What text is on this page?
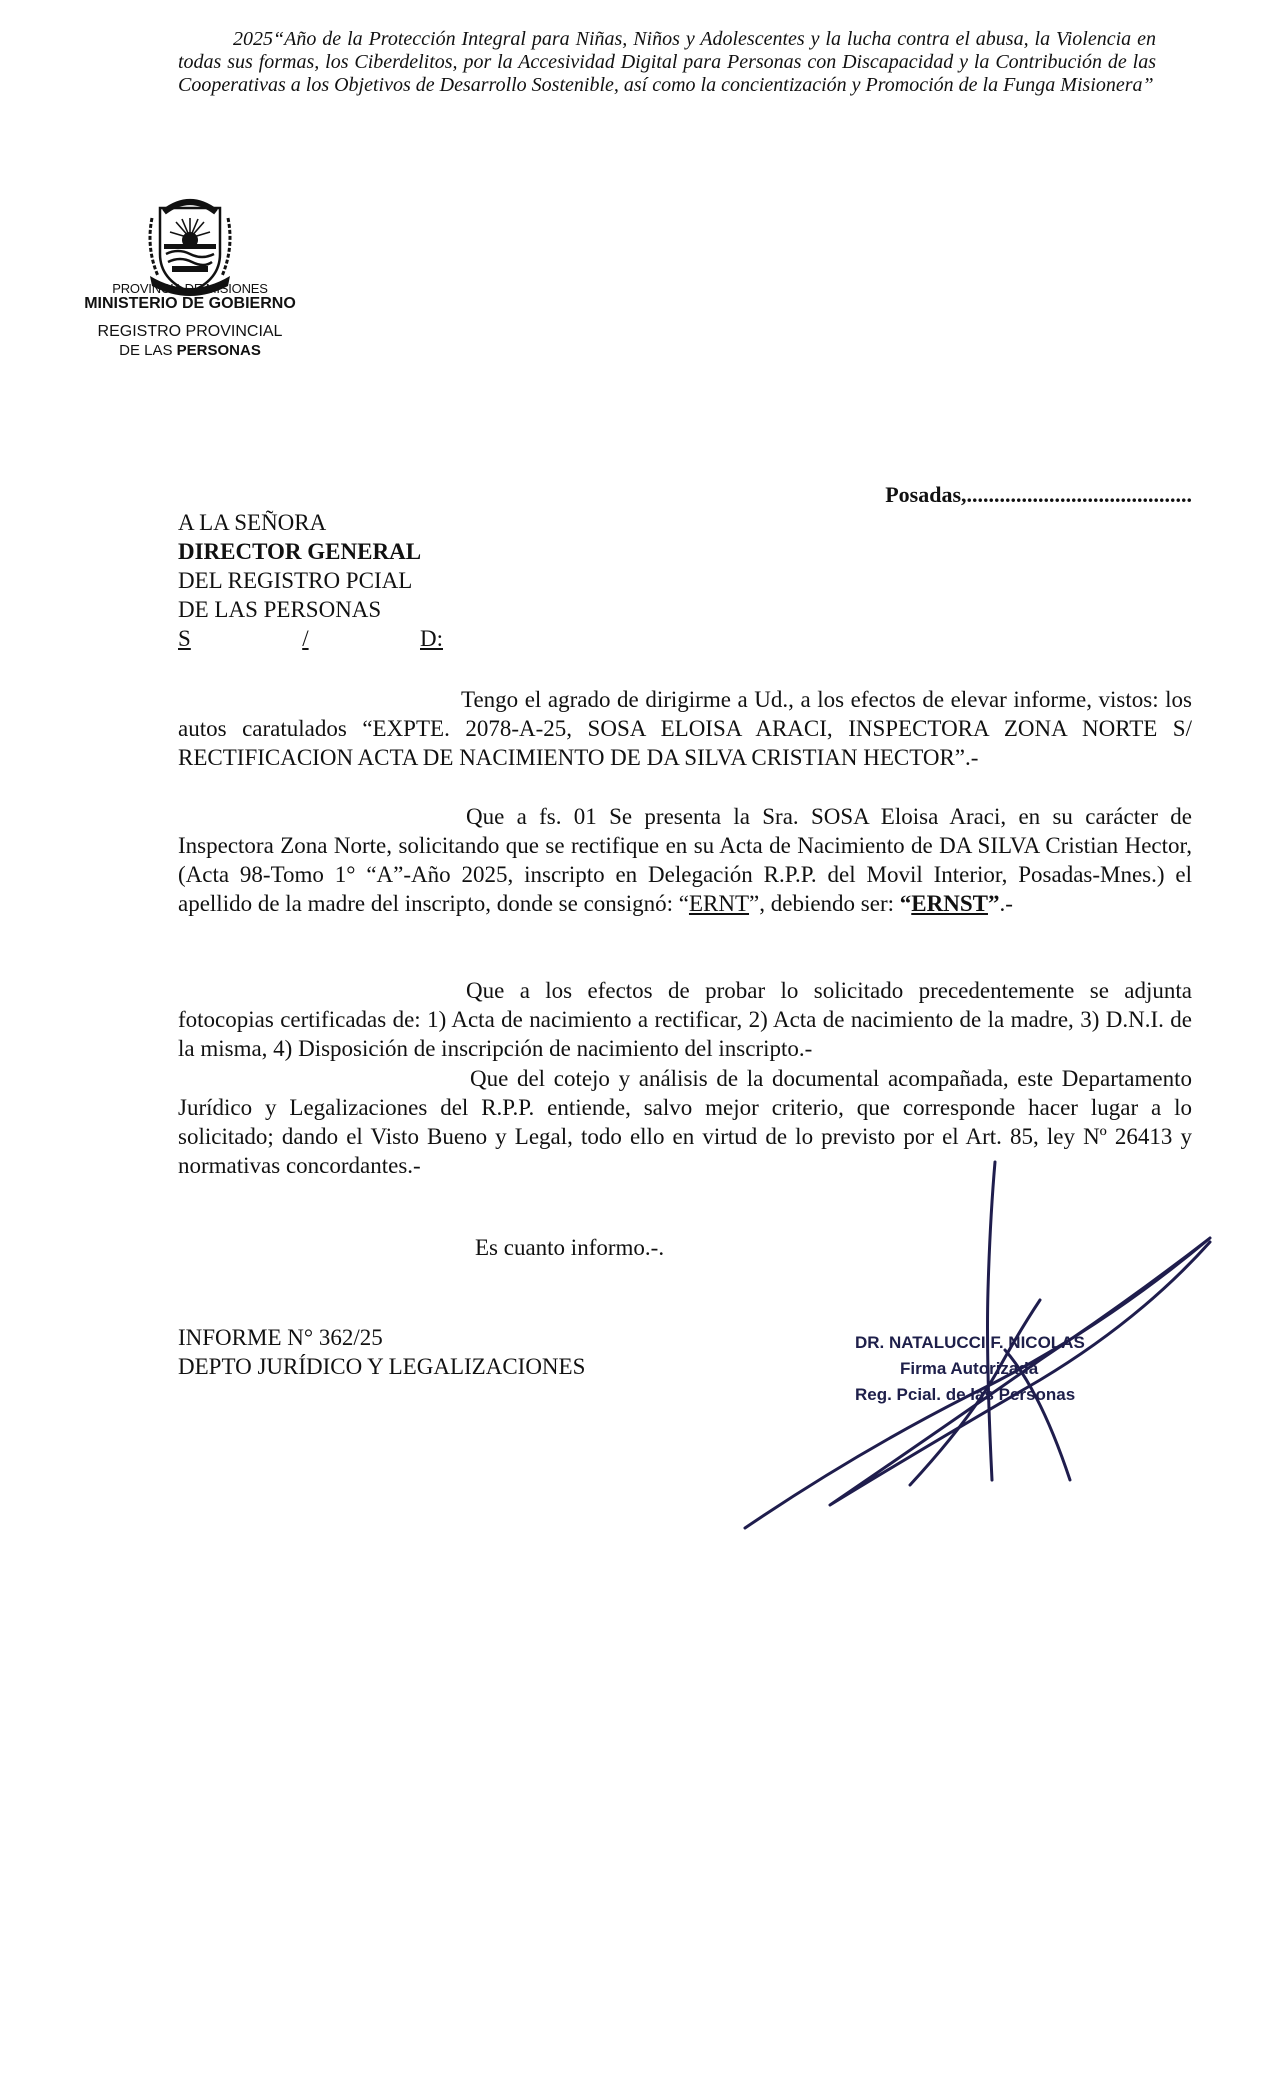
2025“Año de la Protección Integral para Niñas, Niños y Adolescentes y la lucha contra el abusa, la Violencia en todas sus formas, los Ciberdelitos, por la Accesividad Digital para Personas con Discapacidad y la Contribución de las Cooperativas a los Objetivos de Desarrollo Sostenible, así como la concientización y Promoción de la Funga Misionera”

PROVINCIA DE MISIONES
MINISTERIO DE GOBIERNO
REGISTRO PROVINCIAL
DE LAS PERSONAS
Posadas,.........................................
A LA SEÑORA
DIRECTOR GENERAL
DEL REGISTRO PCIAL
DE LAS PERSONAS
S	/	D:

Tengo el agrado de dirigirme a Ud., a los efectos de elevar informe, vistos: los autos caratulados “EXPTE. 2078-A-25, SOSA ELOISA ARACI, INSPECTORA ZONA NORTE S/ RECTIFICACION ACTA DE NACIMIENTO DE DA SILVA CRISTIAN HECTOR”.-

Que a fs. 01 Se presenta la Sra. SOSA Eloisa Araci, en su carácter de Inspectora Zona Norte, solicitando que se rectifique en su Acta de Nacimiento de DA SILVA Cristian Hector, (Acta 98-Tomo 1° “A”-Año 2025, inscripto en Delegación R.P.P. del Movil Interior, Posadas-Mnes.) el apellido de la madre del inscripto, donde se consignó: “ERNT”, debiendo ser: “ERNST”.-

Que a los efectos de probar lo solicitado precedentemente se adjunta fotocopias certificadas de: 1) Acta de nacimiento a rectificar, 2) Acta de nacimiento de la madre, 3) D.N.I. de la misma, 4) Disposición de inscripción de nacimiento del inscripto.-

Que del cotejo y análisis de la documental acompañada, este Departamento Jurídico y Legalizaciones del R.P.P. entiende, salvo mejor criterio, que corresponde hacer lugar a lo solicitado; dando el Visto Bueno y Legal, todo ello en virtud de lo previsto por el Art. 85, ley Nº 26413 y normativas concordantes.-

Es cuanto informo.-.

INFORME N° 362/25
DEPTO JURÍDICO Y LEGALIZACIONES
DR. NATALUCCI F. NICOLAS
Firma Autorizada
Reg. Pcial. de las Personas
